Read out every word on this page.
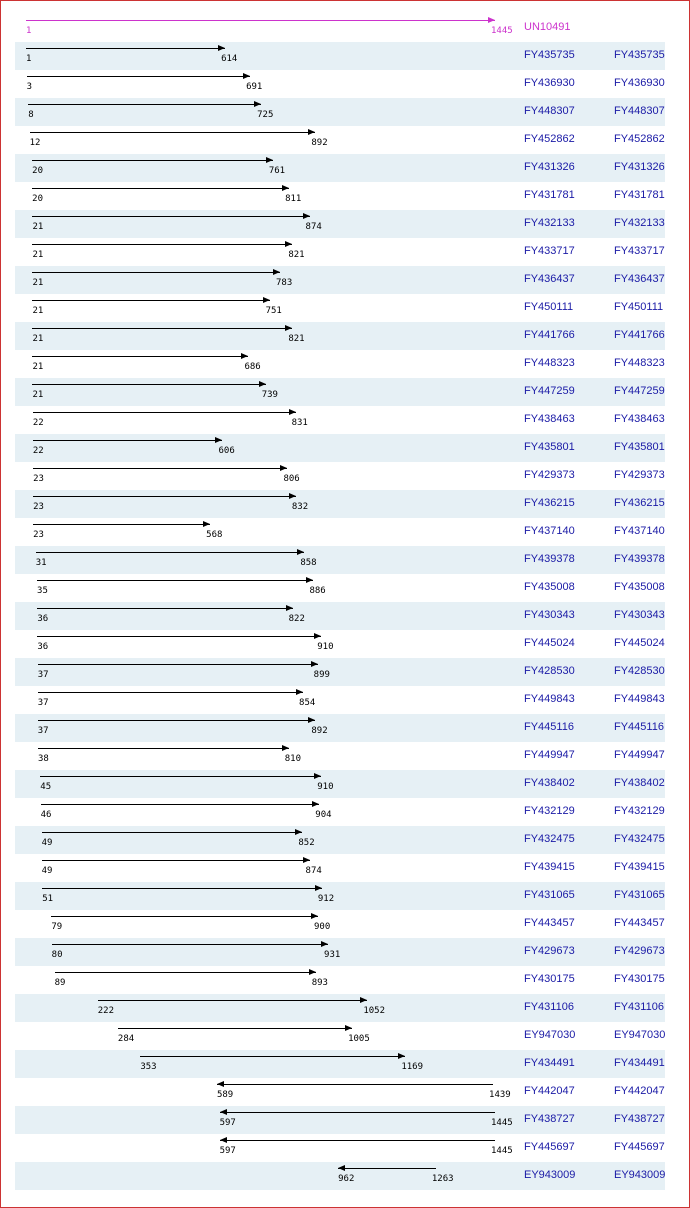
1	1445 UN10491
1	614	FY435735	FY435735
3	691	FY436930	FY436930
8	725	FY448307	FY448307
12	892	FY452862	FY452862
20	761	FY431326	FY431326
20	811	FY431781	FY431781
21	874	FY432133	FY432133
21	821	FY433717	FY433717
21	783	FY436437	FY436437
21	751	FY450111	FY450111
21	821	FY441766	FY441766
21	686	FY448323	FY448323
21	739	FY447259	FY447259
22	831	FY438463	FY438463
22	606	FY435801	FY435801
23	806	FY429373	FY429373
23	832	FY436215	FY436215
23	568	FY437140	FY437140
31	858	FY439378	FY439378
35	886	FY435008	FY435008
36	822	FY430343	FY430343
36	910	FY445024	FY445024
37	899	FY428530	FY428530
37	854	FY449843	FY449843
37	892	FY445116	FY445116
38	810	FY449947	FY449947
45	910	FY438402	FY438402
46	904	FY432129	FY432129
49	852	FY432475	FY432475
49	874	FY439415	FY439415
51	912	FY431065	FY431065
79	900	FY443457	FY443457
80	931	FY429673	FY429673
89	893	FY430175	FY430175
222	1052	FY431106	FY431106
284	1005	EY947030	EY947030
353	1169	FY434491	FY434491
589	1439 FY442047	FY442047
597	1445 FY438727	FY438727
597	1445 FY445697	FY445697
962	1263	EY943009	EY943009
